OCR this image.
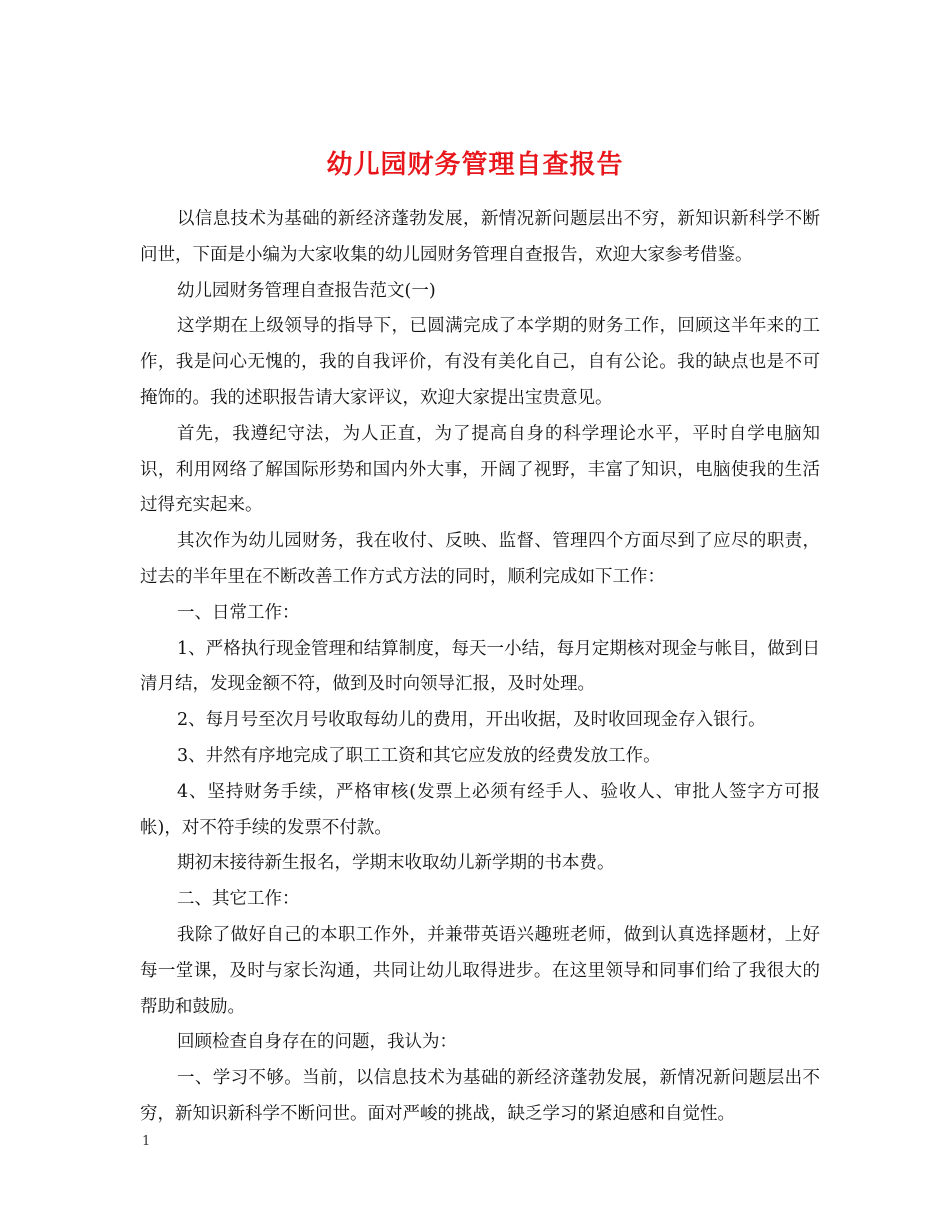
幼儿园财务管理自查报告

以信息技术为基础的新经济蓬勃发展，新情况新问题层出不穷，新知识新科学不断问世，下面是小编为大家收集的幼儿园财务管理自查报告，欢迎大家参考借鉴。

幼儿园财务管理自查报告范文(一)

这学期在上级领导的指导下，已圆满完成了本学期的财务工作，回顾这半年来的工作，我是问心无愧的，我的自我评价，有没有美化自己，自有公论。我的缺点也是不可掩饰的。我的述职报告请大家评议，欢迎大家提出宝贵意见。

首先，我遵纪守法，为人正直，为了提高自身的科学理论水平，平时自学电脑知识，利用网络了解国际形势和国内外大事，开阔了视野，丰富了知识，电脑使我的生活过得充实起来。

其次作为幼儿园财务，我在收付、反映、监督、管理四个方面尽到了应尽的职责，过去的半年里在不断改善工作方式方法的同时，顺利完成如下工作：

一、日常工作：

1、严格执行现金管理和结算制度，每天一小结，每月定期核对现金与帐目，做到日清月结，发现金额不符，做到及时向领导汇报，及时处理。

2、每月号至次月号收取每幼儿的费用，开出收据，及时收回现金存入银行。

3、井然有序地完成了职工工资和其它应发放的经费发放工作。

4、坚持财务手续，严格审核(发票上必须有经手人、验收人、审批人签字方可报帐)，对不符手续的发票不付款。

期初末接待新生报名，学期末收取幼儿新学期的书本费。

二、其它工作：

我除了做好自己的本职工作外，并兼带英语兴趣班老师，做到认真选择题材，上好每一堂课，及时与家长沟通，共同让幼儿取得进步。在这里领导和同事们给了我很大的帮助和鼓励。

回顾检查自身存在的问题，我认为：

一、学习不够。当前，以信息技术为基础的新经济蓬勃发展，新情况新问题层出不穷，新知识新科学不断问世。面对严峻的挑战，缺乏学习的紧迫感和自觉性。

1
